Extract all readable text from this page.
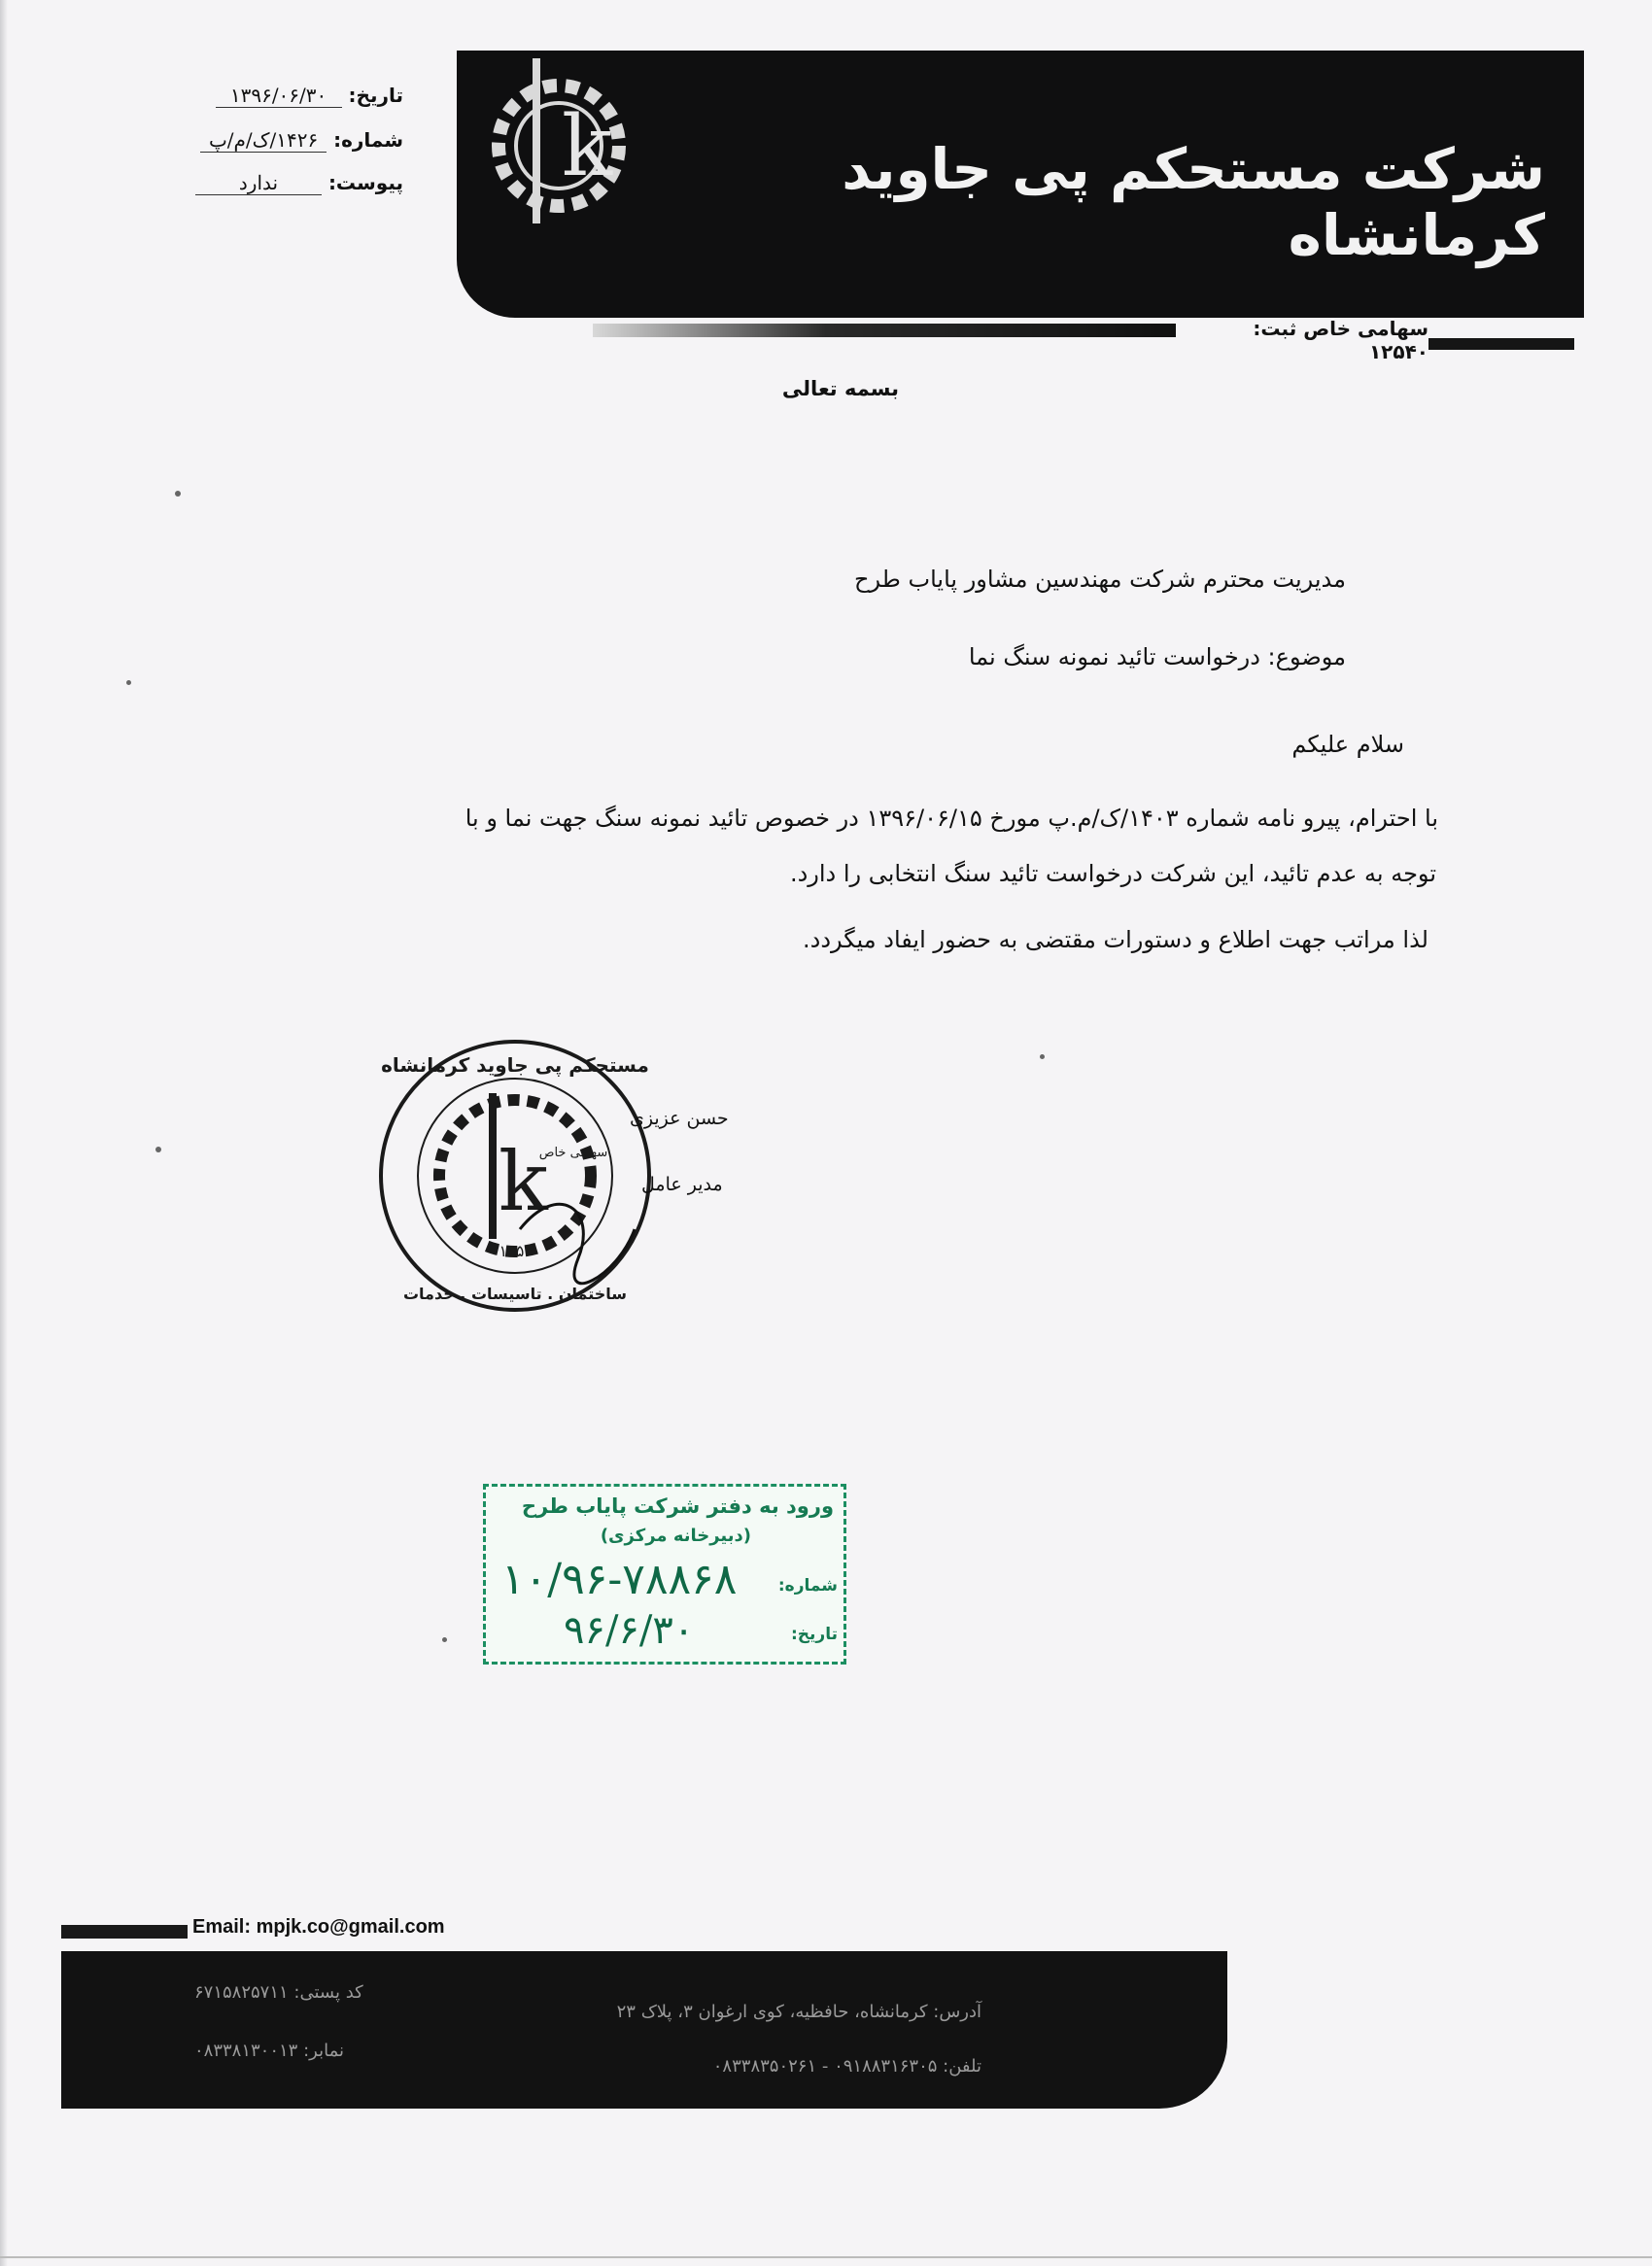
k	شرکت مستحکم پی جاوید کرمانشاه
سهامی خاص ثبت: ۱۲۵۴۰
تاریخ: ۱۳۹۶/۰۶/۳۰
شماره: ۱۴۲۶/ک/م/پ
پیوست: ندارد
بسمه تعالی
مدیریت محترم شرکت مهندسین مشاور پایاب طرح
موضوع: درخواست تائید نمونه سنگ نما
سلام علیکم
با احترام، پیرو نامه شماره ۱۴۰۳/ک/م.پ مورخ ۱۳۹۶/۰۶/۱۵ در خصوص تائید نمونه سنگ جهت نما و با
توجه به عدم تائید، این شرکت درخواست تائید سنگ انتخابی را دارد.
لذا مراتب جهت اطلاع و دستورات مقتضی به حضور ایفاد میگردد.
k
مستحکم پی جاوید کرمانشاه
ساختمان . تاسیسات . خدمات
۱۲۵۴۰
سهامی خاص
حسن عزیزی
مدیر عامل
ورود به دفتر شرکت پایاب طرح
(دبیرخانه مرکزی)
شماره:
۱۰/۹۶-۷۸۸۶۸
تاریخ:
۹۶/۶/۳۰
Email: mpjk.co@gmail.com
آدرس: کرمانشاه، حافظیه، کوی ارغوان ۳، پلاک ۲۳
تلفن: ۰۹۱۸۸۳۱۶۳۰۵ - ۰۸۳۳۸۳۵۰۲۶۱
کد پستی: ۶۷۱۵۸۲۵۷۱۱
نمابر: ۰۸۳۳۸۱۳۰۰۱۳
